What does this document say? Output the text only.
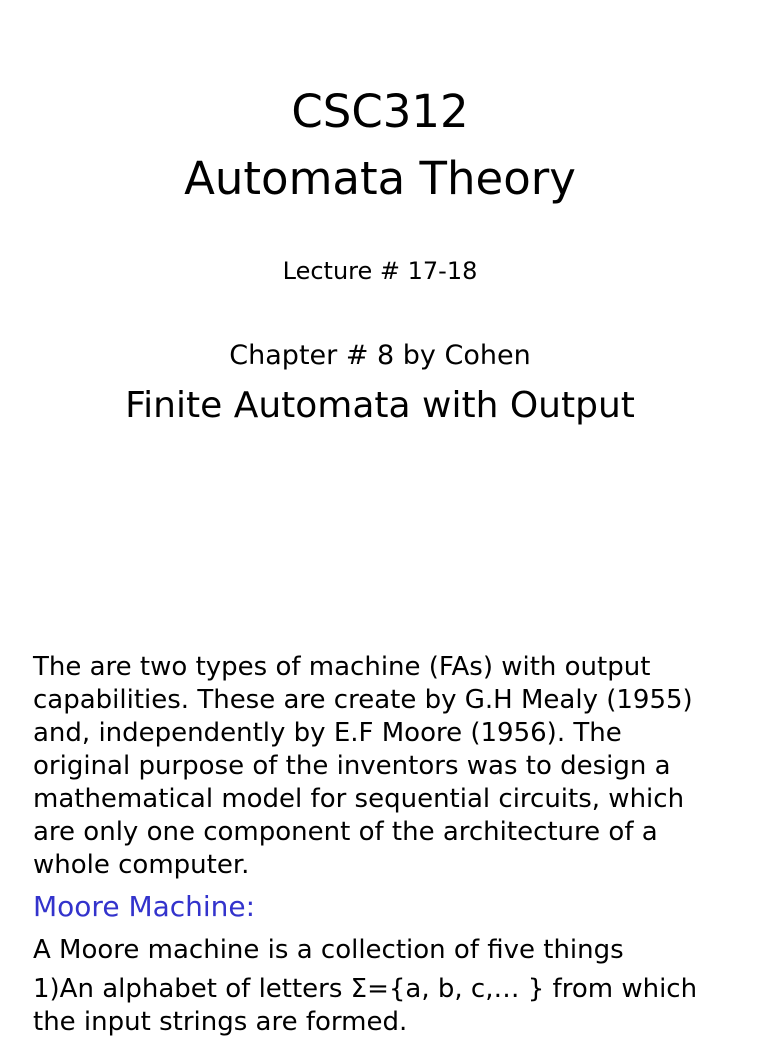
CSC312
Automata Theory
Lecture # 17-18
Chapter # 8 by Cohen
Finite Automata with Output

The are two types of machine (FAs) with output
capabilities. These are create by G.H Mealy (1955)
and, independently by E.F Moore (1956). The
original purpose of the inventors was to design a
mathematical model for sequential circuits, which
are only one component of the architecture of a
whole computer.

Moore Machine:

A Moore machine is a collection of five things

1)An alphabet of letters Σ={a, b, c,… } from which
the input strings are formed.
